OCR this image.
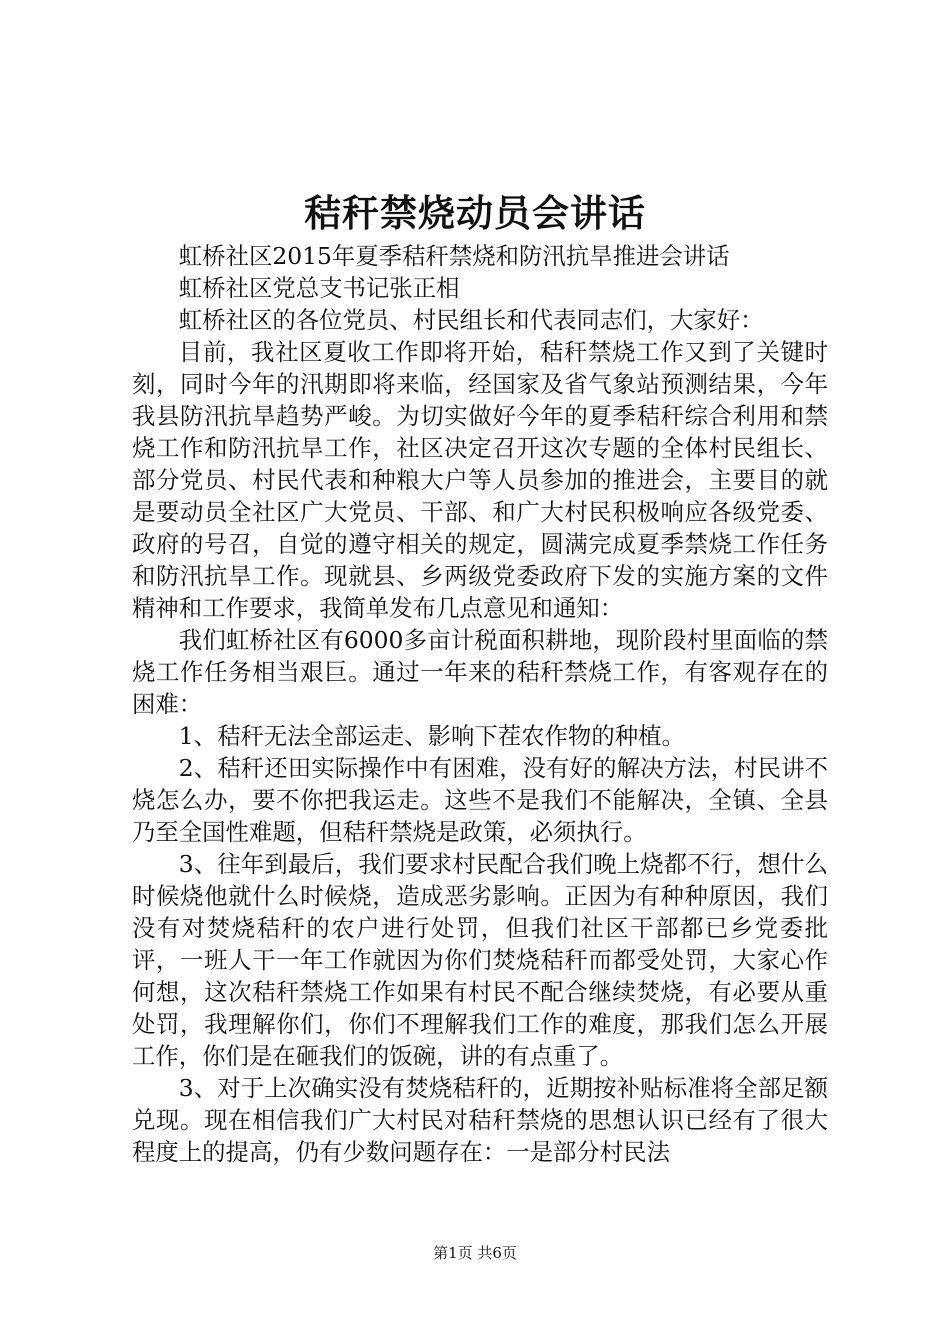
秸秆禁烧动员会讲话

虹桥社区2015年夏季秸秆禁烧和防汛抗旱推进会讲话

虹桥社区党总支书记张正相

虹桥社区的各位党员、村民组长和代表同志们，大家好：

目前，我社区夏收工作即将开始，秸秆禁烧工作又到了关键时刻，同时今年的汛期即将来临，经国家及省气象站预测结果，今年我县防汛抗旱趋势严峻。为切实做好今年的夏季秸秆综合利用和禁烧工作和防汛抗旱工作，社区决定召开这次专题的全体村民组长、部分党员、村民代表和种粮大户等人员参加的推进会，主要目的就是要动员全社区广大党员、干部、和广大村民积极响应各级党委、政府的号召，自觉的遵守相关的规定，圆满完成夏季禁烧工作任务和防汛抗旱工作。现就县、乡两级党委政府下发的实施方案的文件精神和工作要求，我简单发布几点意见和通知：

我们虹桥社区有6000多亩计税面积耕地，现阶段村里面临的禁烧工作任务相当艰巨。通过一年来的秸秆禁烧工作，有客观存在的困难：

1、秸秆无法全部运走、影响下茬农作物的种植。

2、秸秆还田实际操作中有困难，没有好的解决方法，村民讲不烧怎么办，要不你把我运走。这些不是我们不能解决，全镇、全县乃至全国性难题，但秸秆禁烧是政策，必须执行。

3、往年到最后，我们要求村民配合我们晚上烧都不行，想什么时候烧他就什么时候烧，造成恶劣影响。正因为有种种原因，我们没有对焚烧秸秆的农户进行处罚，但我们社区干部都已乡党委批评，一班人干一年工作就因为你们焚烧秸秆而都受处罚，大家心作何想，这次秸秆禁烧工作如果有村民不配合继续焚烧，有必要从重处罚，我理解你们，你们不理解我们工作的难度，那我们怎么开展工作，你们是在砸我们的饭碗，讲的有点重了。

3、对于上次确实没有焚烧秸秆的，近期按补贴标准将全部足额兑现。现在相信我们广大村民对秸秆禁烧的思想认识已经有了很大程度上的提高，仍有少数问题存在：一是部分村民法

第1页 共6页
